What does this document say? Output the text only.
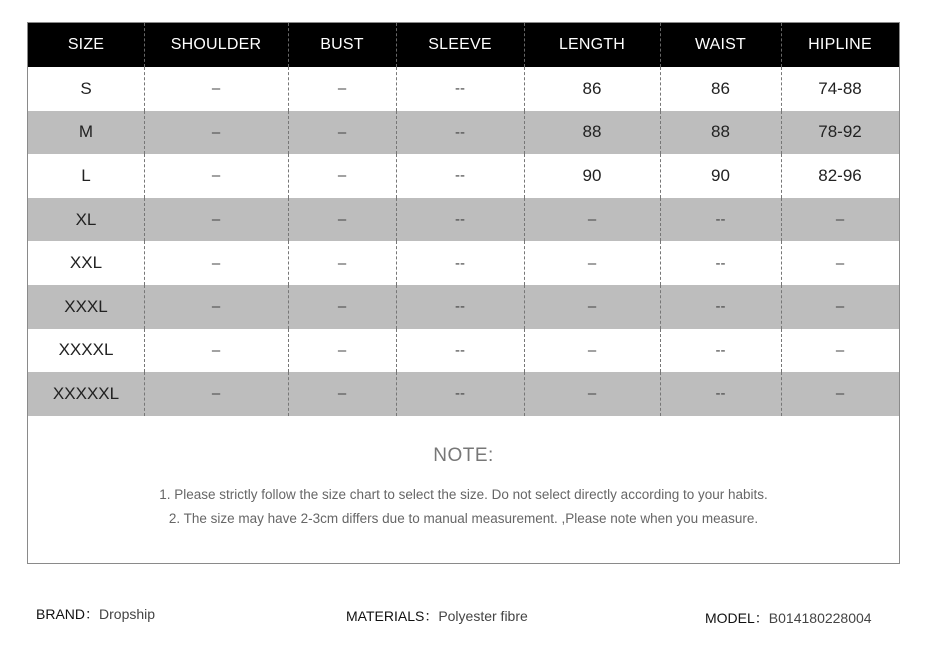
SIZE	SHOULDER	BUST	SLEEVE	LENGTH	WAIST	HIPLINE
S	–	–	--	86	86	74-88
M	–	–	--	88	88	78-92
L	–	–	--	90	90	82-96
XL	–	–	--	–	--	–
XXL	–	–	--	–	--	–
XXXL	–	–	--	–	--	–
XXXXL	–	–	--	–	--	–
XXXXXL	–	–	--	–	--	–
NOTE:
1. Please strictly follow the size chart to select the size. Do not select directly according to your habits.
2. The size may have 2-3cm differs due to manual measurement. ,Please note when you measure.
BRAND：Dropship	MATERIALS：Polyester fibre	MODEL：B014180228004
